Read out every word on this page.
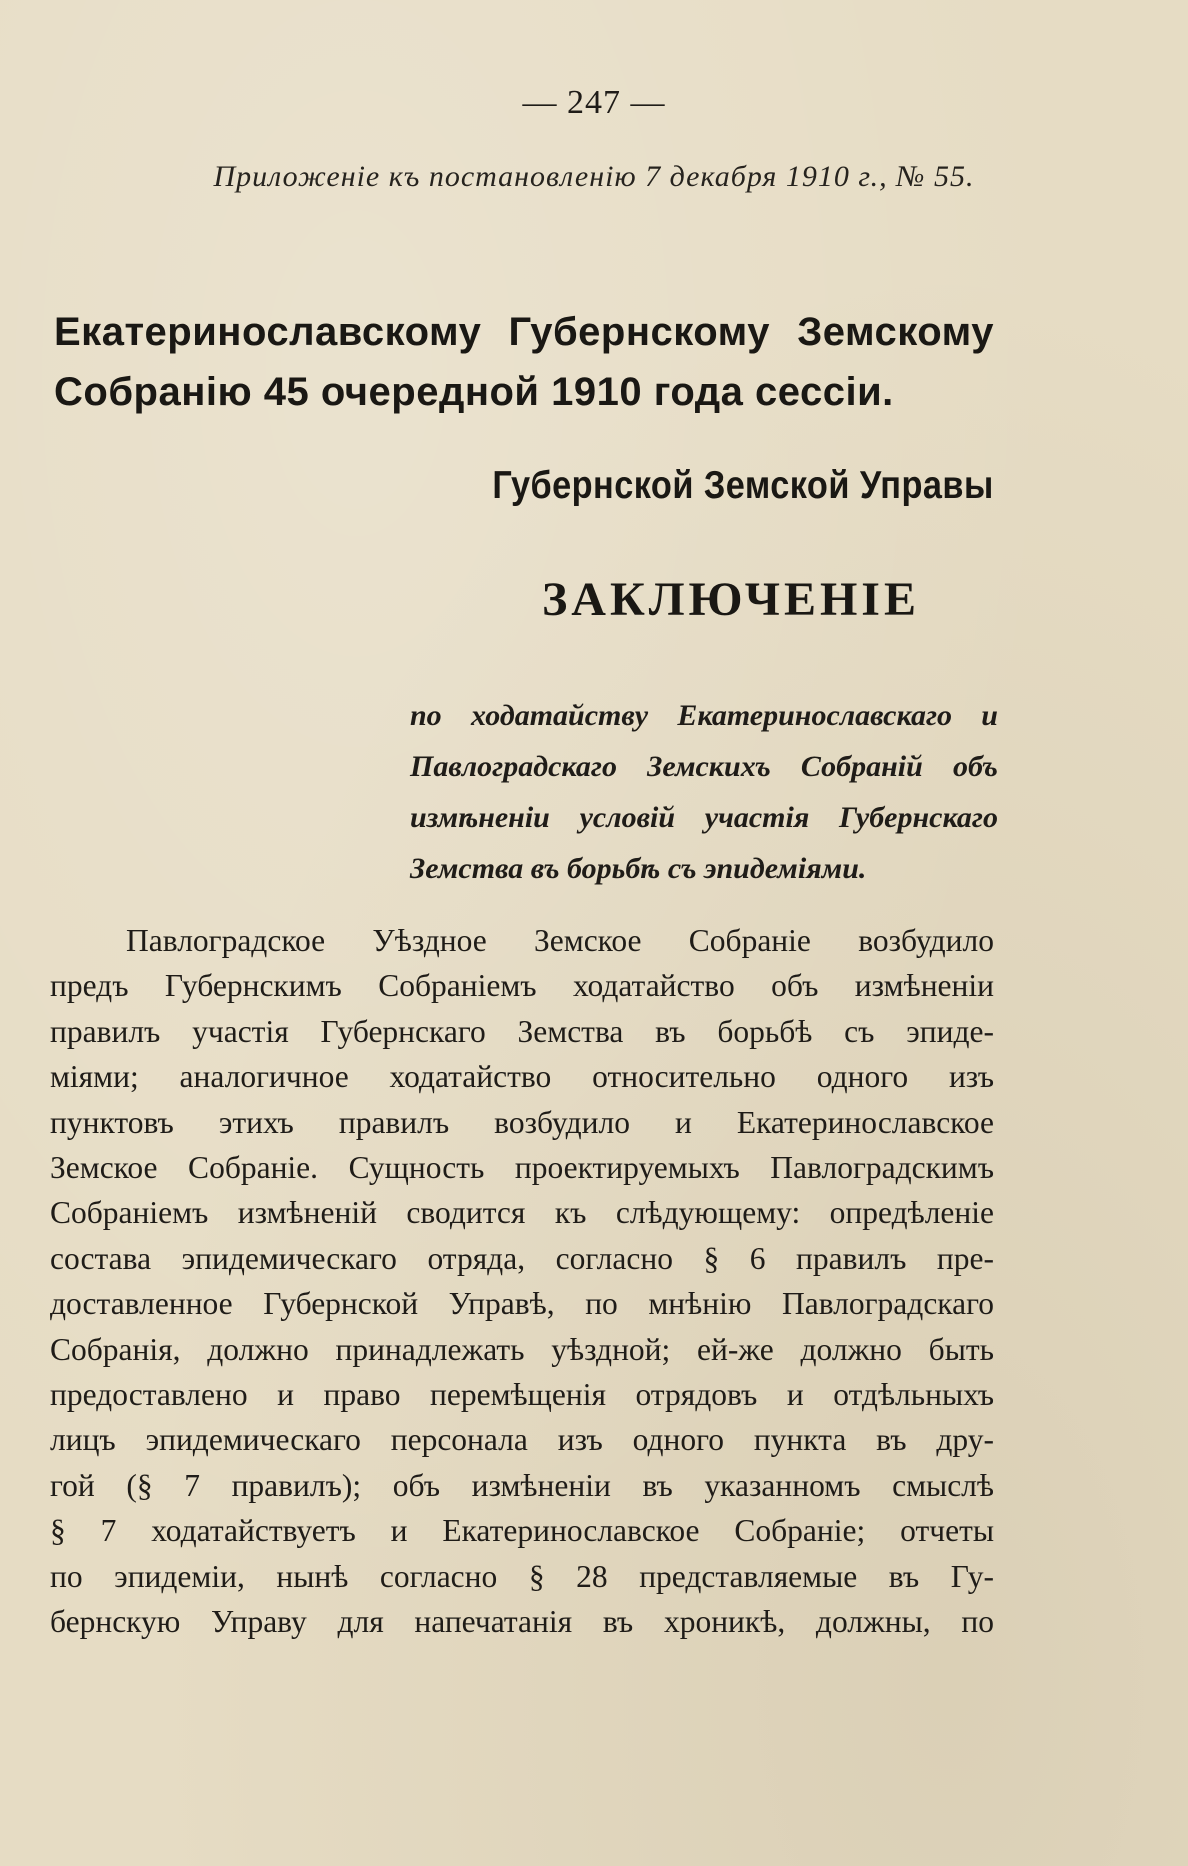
— 247 —
Приложеніе къ постановленію 7 декабря 1910 г., № 55.
Екатеринославскому Губернскому Земскому Собранію 45 очередной 1910 года сессіи.
Губернской Земской Управы
ЗАКЛЮЧЕНІЕ
по ходатайству Екатеринославскаго и Павлоградскаго Земскихъ Собраній объ измѣненіи условій участія Губернскаго Земства въ борьбѣ съ эпидеміями.
Павлоградское Уѣздное Земское Собраніе возбудило
предъ Губернскимъ Собраніемъ ходатайство объ измѣненіи
правилъ участія Губернскаго Земства въ борьбѣ съ эпиде-
міями; аналогичное ходатайство относительно одного изъ
пунктовъ этихъ правилъ возбудило и Екатеринославское
Земское Собраніе. Сущность проектируемыхъ Павлоградскимъ
Собраніемъ измѣненій сводится къ слѣдующему: опредѣленіе
состава эпидемическаго отряда, согласно § 6 правилъ пре-
доставленное Губернской Управѣ, по мнѣнію Павлоградскаго
Собранія, должно принадлежать уѣздной; ей-же должно быть
предоставлено и право перемѣщенія отрядовъ и отдѣльныхъ
лицъ эпидемическаго персонала изъ одного пункта въ дру-
гой (§ 7 правилъ); объ измѣненіи въ указанномъ смыслѣ
§ 7 ходатайствуетъ и Екатеринославское Собраніе; отчеты
по эпидеміи, нынѣ согласно § 28 представляемые въ Гу-
бернскую Управу для напечатанія въ хроникѣ, должны, по
